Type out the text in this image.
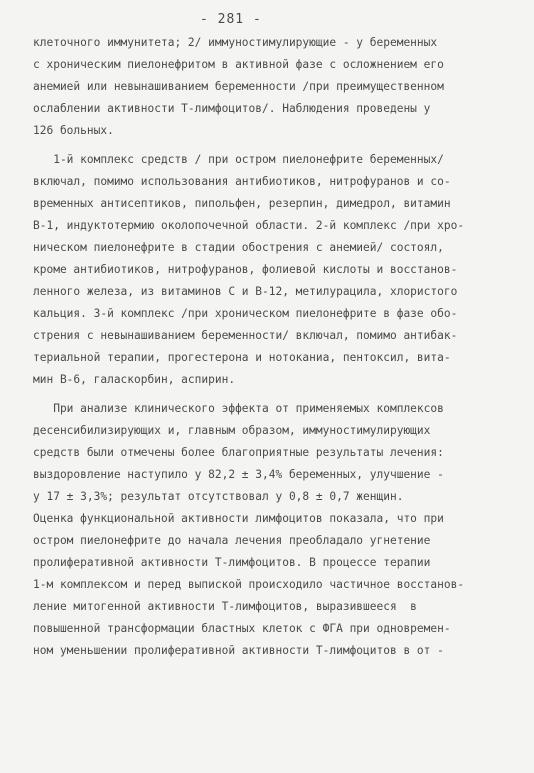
- 281 -
клеточного иммунитета; 2/ иммуностимулирующие - у беременных
с хроническим пиелонефритом в активной фазе с осложнением его
анемией или невынашиванием беременности /при преимущественном
ослаблении активности Т-лимфоцитов/. Наблюдения проведены у
126 больных.
1-й комплекс средств / при остром пиелонефрите беременных/
включал, помимо использования антибиотиков, нитрофуранов и со-
временных антисептиков, пипольфен, резерпин, димедрол, витамин
В-1, индуктотермию околопочечной области. 2-й комплекс /при хро-
ническом пиелонефрите в стадии обострения с анемией/ состоял,
кроме антибиотиков, нитрофуранов, фолиевой кислоты и восстанов-
ленного железа, из витаминов С и В-12, метилурацила, хлористого
кальция. 3-й комплекс /при хроническом пиелонефрите в фазе обо-
стрения с невынашиванием беременности/ включал, помимо антибак-
териальной терапии, прогестерона и нотоканиа, пентоксил, вита-
мин В-6, галаскорбин, аспирин.
При анализе клинического эффекта от применяемых комплексов
десенсибилизирующих и, главным образом, иммуностимулирующих
средств были отмечены более благоприятные результаты лечения:
выздоровление наступило у 82,2 ± 3,4% беременных, улучшение -
у 17 ± 3,3%; результат отсутствовал у 0,8 ± 0,7 женщин.
Оценка функциональной активности лимфоцитов показала, что при
остром пиелонефрите до начала лечения преобладало угнетение
пролиферативной активности Т-лимфоцитов. В процессе терапии
1-м комплексом и перед выпиской происходило частичное восстанов-
ление митогенной активности Т-лимфоцитов, выразившееся  в
повышенной трансформации бластных клеток с ФГА при одновремен-
ном уменьшении пролиферативной активности Т-лимфоцитов в от -
